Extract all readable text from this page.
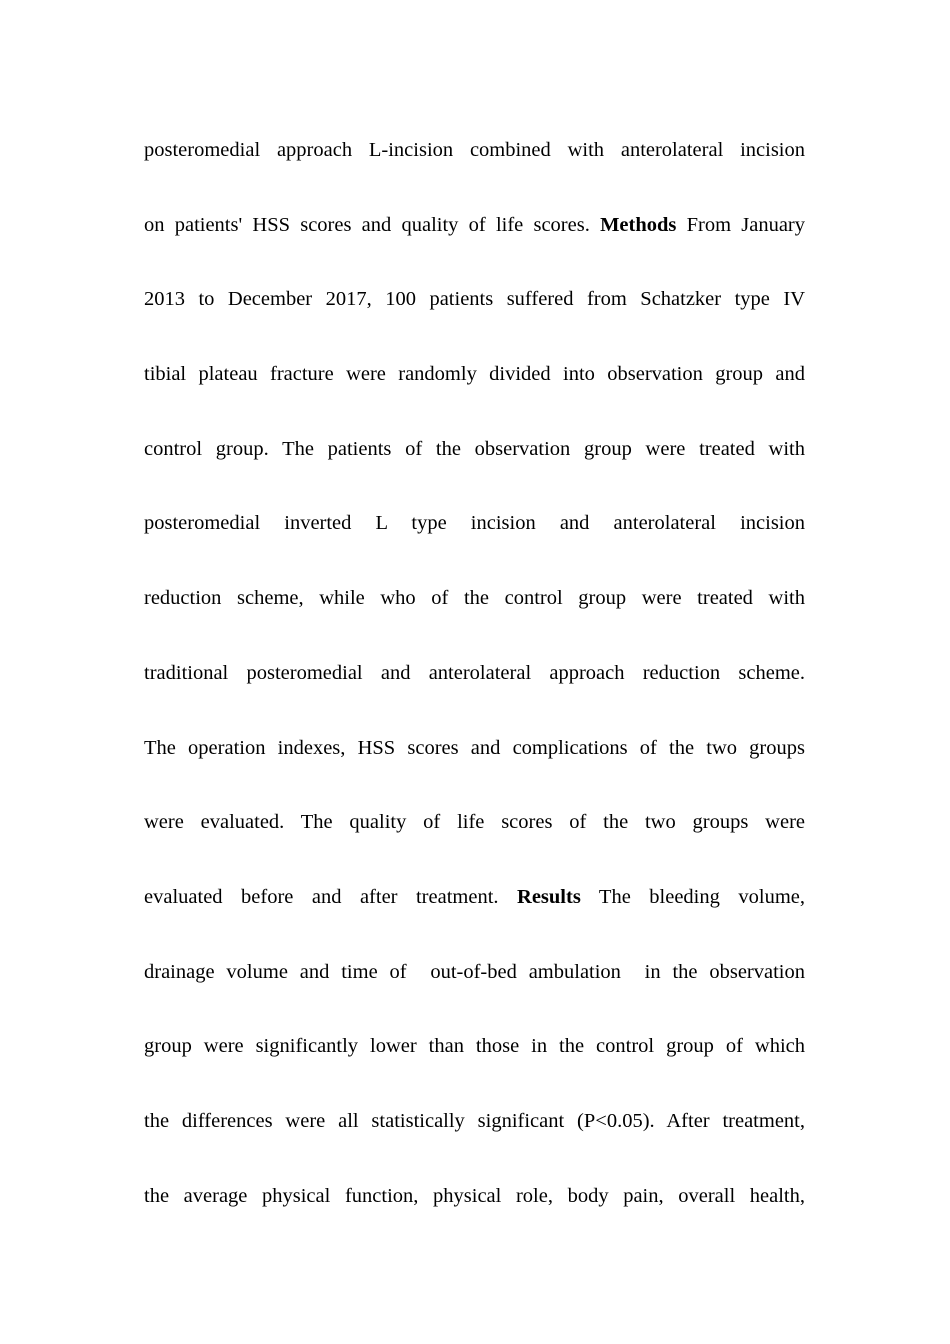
posteromedial approach L-incision combined with anterolateral incision
on patients' HSS scores and quality of life scores. Methods From January
2013 to December 2017, 100 patients suffered from Schatzker type IV
tibial plateau fracture were randomly divided into observation group and
control group. The patients of the observation group were treated with
posteromedial inverted L type incision and anterolateral incision
reduction scheme, while who of the control group were treated with
traditional posteromedial and anterolateral approach reduction scheme.
The operation indexes, HSS scores and complications of the two groups
were evaluated. The quality of life scores of the two groups were
evaluated before and after treatment. Results The bleeding volume,
drainage volume and time of  out-of-bed ambulation  in the observation
group were significantly lower than those in the control group of which
the differences were all statistically significant (P<0.05). After treatment,
the average physical function, physical role, body pain, overall health,
